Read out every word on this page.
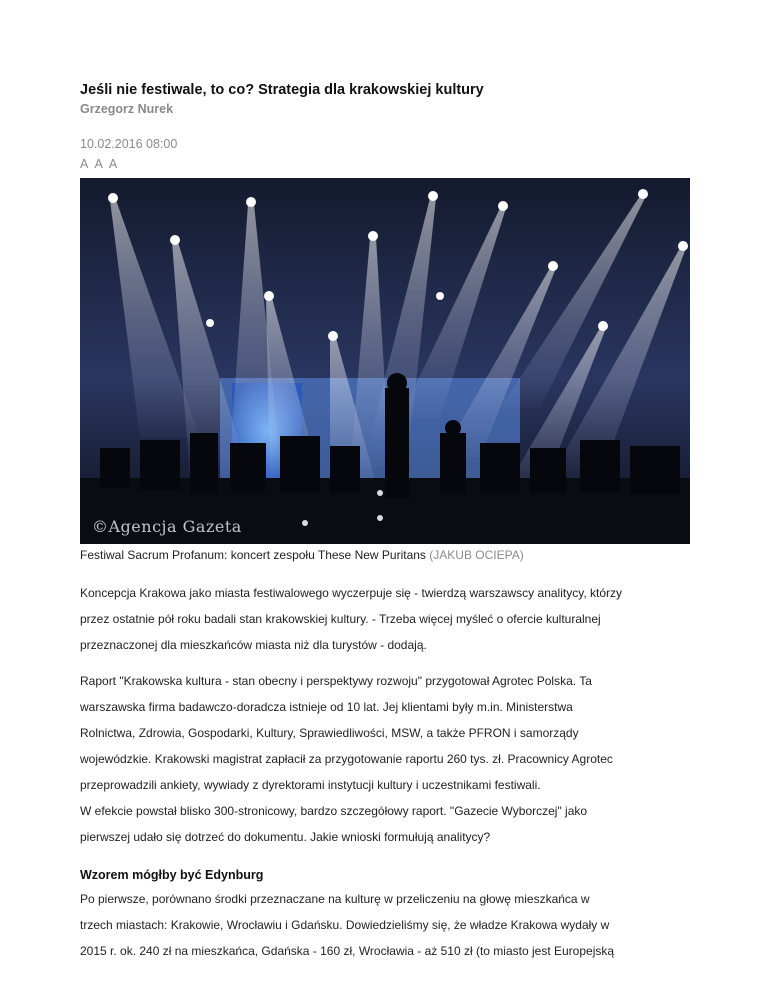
Jeśli nie festiwale, to co? Strategia dla krakowskiej kultury
Grzegorz Nurek
10.02.2016 08:00
A A A
©Agencja Gazeta
Festiwal Sacrum Profanum: koncert zespołu These New Puritans (JAKUB OCIEPA)

Koncepcja Krakowa jako miasta festiwalowego wyczerpuje się - twierdzą warszawscy analitycy, którzy
przez ostatnie pół roku badali stan krakowskiej kultury. - Trzeba więcej myśleć o ofercie kulturalnej
przeznaczonej dla mieszkańców miasta niż dla turystów - dodają.

Raport "Krakowska kultura - stan obecny i perspektywy rozwoju" przygotował Agrotec Polska. Ta
warszawska firma badawczo-doradcza istnieje od 10 lat. Jej klientami były m.in. Ministerstwa
Rolnictwa, Zdrowia, Gospodarki, Kultury, Sprawiedliwości, MSW, a także PFRON i samorządy
wojewódzkie. Krakowski magistrat zapłacił za przygotowanie raportu 260 tys. zł. Pracownicy Agrotec
przeprowadzili ankiety, wywiady z dyrektorami instytucji kultury i uczestnikami festiwali.
W efekcie powstał blisko 300-stronicowy, bardzo szczegółowy raport. "Gazecie Wyborczej" jako
pierwszej udało się dotrzeć do dokumentu. Jakie wnioski formułują analitycy?

Wzorem mógłby być Edynburg

Po pierwsze, porównano środki przeznaczane na kulturę w przeliczeniu na głowę mieszkańca w
trzech miastach: Krakowie, Wrocławiu i Gdańsku. Dowiedzieliśmy się, że władze Krakowa wydały w
2015 r. ok. 240 zł na mieszkańca, Gdańska - 160 zł, Wrocławia - aż 510 zł (to miasto jest Europejską
